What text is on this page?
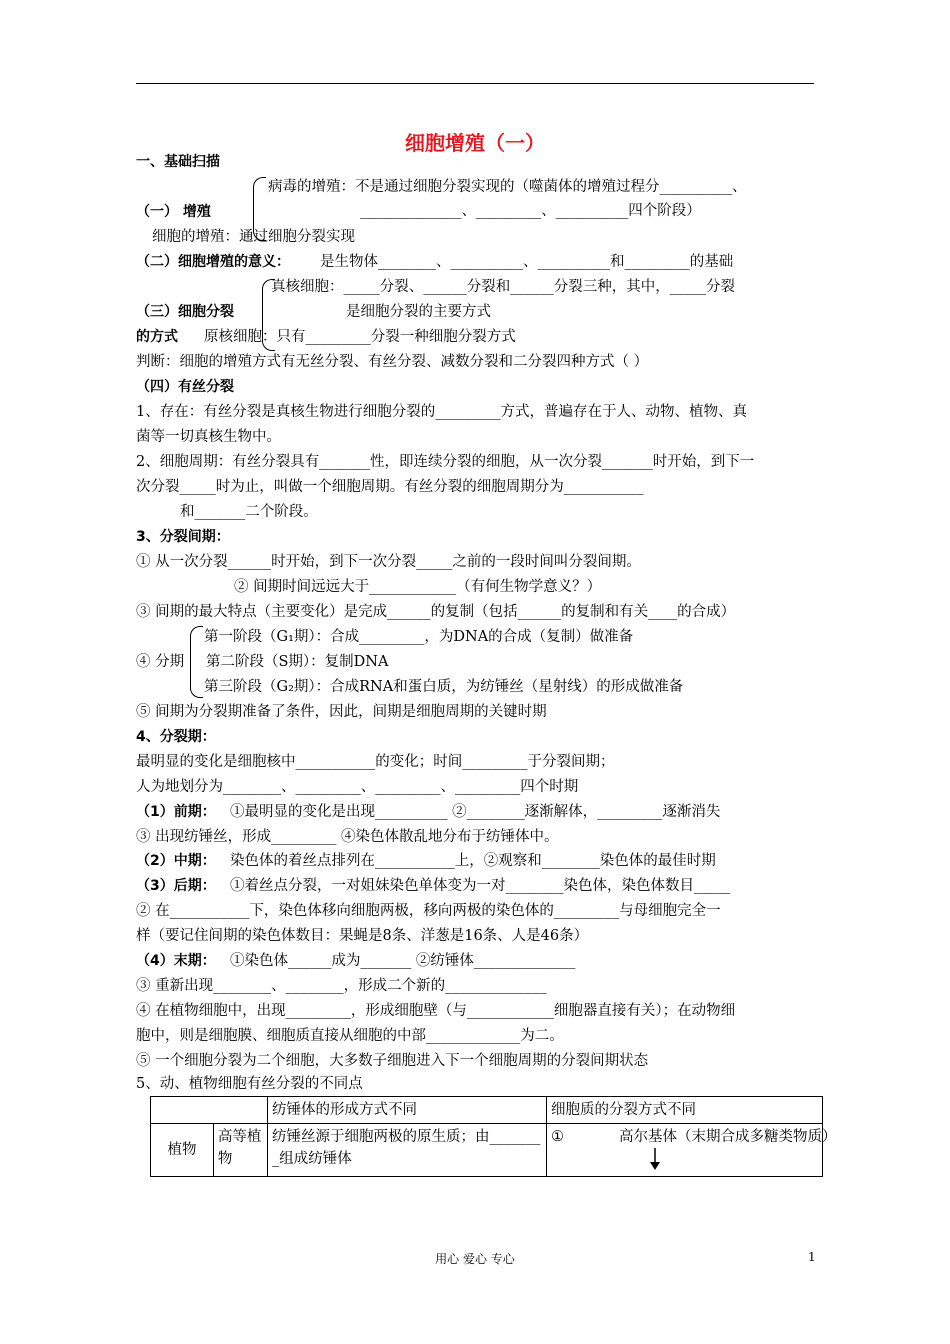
细胞增殖（一）
一、基础扫描
病毒的增殖：不是通过细胞分裂实现的（噬菌体的增殖过程分__________、
______________、_________、__________四个阶段）
（一） 增殖
细胞的增殖：通过细胞分裂实现
（二）细胞增殖的意义： 是生物体________、__________、__________和_________的基础
真核细胞：_____分裂、______分裂和______分裂三种，其中，_____分裂
（三）细胞分裂	是细胞分裂的主要方式
的方式 原核细胞：只有_________分裂一种细胞分裂方式
判断：细胞的增殖方式有无丝分裂、有丝分裂、减数分裂和二分裂四种方式（ ）
（四）有丝分裂
1、存在：有丝分裂是真核生物进行细胞分裂的_________方式，普遍存在于人、动物、植物、真
菌等一切真核生物中。
2、细胞周期：有丝分裂具有_______性，即连续分裂的细胞，从一次分裂_______时开始，到下一
次分裂_____时为止，叫做一个细胞周期。有丝分裂的细胞周期分为___________
和_______二个阶段。
3、分裂间期：
① 从一次分裂______时开始，到下一次分裂_____之前的一段时间叫分裂间期。
② 间期时间远远大于____________（有何生物学意义？）
③ 间期的最大特点（主要变化）是完成______的复制（包括______的复制和有关____的合成）
第一阶段（G₁期）：合成_________，为DNA的合成（复制）做准备
④ 分期 第二阶段（S期）：复制DNA
第三阶段（G₂期）：合成RNA和蛋白质，为纺锤丝（星射线）的形成做准备
⑤ 间期为分裂期准备了条件，因此，间期是细胞周期的关键时期
4、分裂期：
最明显的变化是细胞核中___________的变化；时间_________于分裂间期；
人为地划分为________、_________、_________、_________四个时期
（1）前期： ①最明显的变化是出现__________ ②________逐渐解体，_________逐渐消失
③ 出现纺锤丝，形成_________ ④染色体散乱地分布于纺锤体中。
（2）中期： 染色体的着丝点排列在___________上，②观察和________染色体的最佳时期
（3）后期： ①着丝点分裂，一对姐妹染色单体变为一对________染色体，染色体数目_____
② 在___________下，染色体移向细胞两极，移向两极的染色体的_________与母细胞完全一
样（要记住间期的染色体数目：果蝇是8条、洋葱是16条、人是46条）
（4）末期： ①染色体______成为_______ ②纺锤体______________
③ 重新出现________、________，形成二个新的______________
④ 在植物细胞中，出现_________，形成细胞壁（与____________细胞器直接有关）；在动物细
胞中，则是细胞膜、细胞质直接从细胞的中部_____________为二。
⑤ 一个细胞分裂为二个细胞，大多数子细胞进入下一个细胞周期的分裂间期状态
5、动、植物细胞有丝分裂的不同点
		纺锤体的形成方式不同	细胞质的分裂方式不同
植物	高等植物	纺锤丝源于细胞两极的原生质；由________组成纺锤体	① 高尔基体（末期合成多糖类物质）
用心 爱心 专心	1
